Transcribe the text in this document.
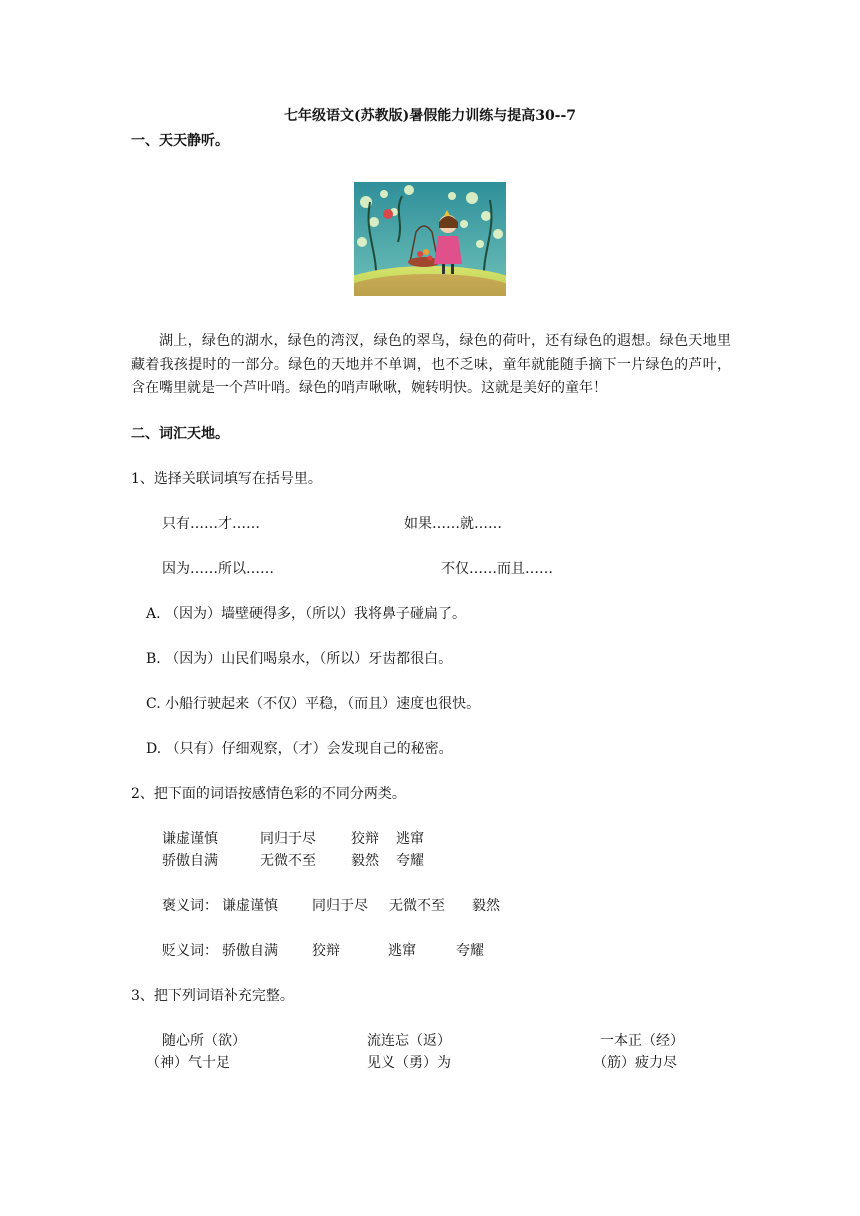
七年级语文(苏教版)暑假能力训练与提高30--7
一、天天静听。
湖上，绿色的湖水，绿色的湾汊，绿色的翠鸟，绿色的荷叶，还有绿色的遐想。绿色天地里藏着我孩提时的一部分。绿色的天地并不单调，也不乏味，童年就能随手摘下一片绿色的芦叶，含在嘴里就是一个芦叶哨。绿色的哨声啾啾，婉转明快。这就是美好的童年！
二、词汇天地。
1、选择关联词填写在括号里。
只有……才……	如果……就……
因为……所以……	不仅……而且……
A. （因为）墙壁硬得多，（所以）我将鼻子碰扁了。
B. （因为）山民们喝泉水，（所以）牙齿都很白。
C. 小船行驶起来（不仅）平稳，（而且）速度也很快。
D. （只有）仔细观察，（才）会发现自己的秘密。
2、把下面的词语按感情色彩的不同分两类。
谦虚谨慎	同归于尽	狡辩 逃窜
骄傲自满	无微不至	毅然 夸耀
褒义词： 谦虚谨慎 同归于尽 无微不至 毅然
贬义词： 骄傲自满 狡辩	逃窜	夸耀
3、把下列词语补充完整。
随心所（欲）	流连忘（返）	一本正（经）
（神）气十足	见义（勇）为	（筋）疲力尽
